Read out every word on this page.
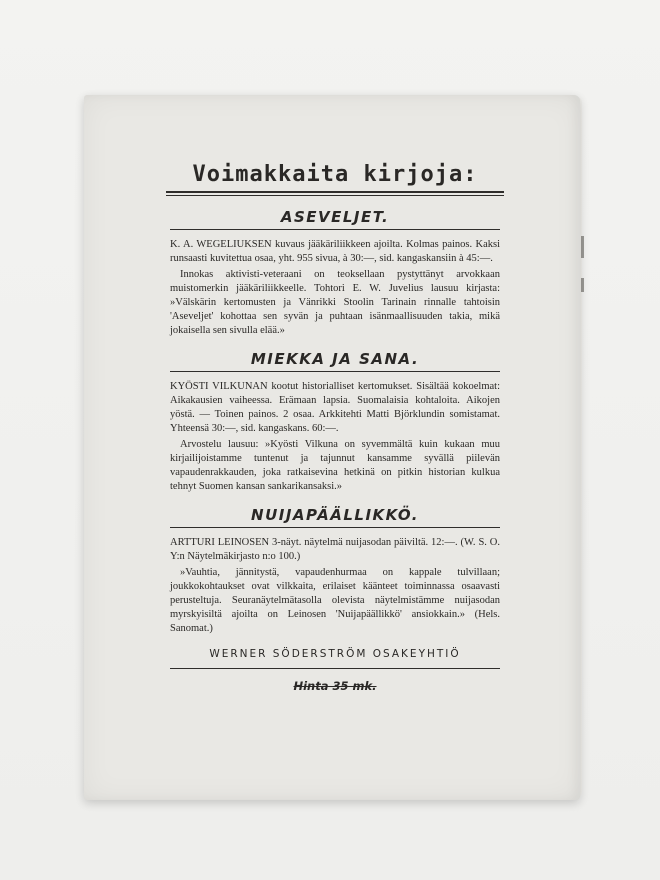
Voimakkaita kirjoja:
ASEVELJET.

K. A. WEGELIUKSEN kuvaus jääkäriliikkeen ajoilta. Kolmas painos. Kaksi runsaasti kuvitettua osaa, yht. 955 sivua, à 30:—, sid. kangaskansiin à 45:—.

Innokas aktivisti-veteraani on teoksellaan pystyttänyt arvokkaan muistomerkin jääkäriliikkeelle. Tohtori E. W. Juvelius lausuu kirjasta: »Välskärin kertomusten ja Vänrikki Stoolin Tarinain rinnalle tahtoisin 'Aseveljet' kohottaa sen syvän ja puhtaan isänmaallisuuden takia, mikä jokaisella sen sivulla elää.»

MIEKKA JA SANA.

KYÖSTI VILKUNAN kootut historialliset kertomukset. Sisältää kokoelmat: Aikakausien vaiheessa. Erämaan lapsia. Suomalaisia kohtaloita. Aikojen yöstä. — Toinen painos. 2 osaa. Arkkitehti Matti Björklundin somistamat. Yhteensä 30:—, sid. kangaskans. 60:—.

Arvostelu lausuu: »Kyösti Vilkuna on syvemmältä kuin kukaan muu kirjailijoistamme tuntenut ja tajunnut kansamme syvällä piilevän vapaudenrakkauden, joka ratkaisevina hetkinä on pitkin historian kulkua tehnyt Suomen kansan sankarikansaksi.»

NUIJAPÄÄLLIKKÖ.

ARTTURI LEINOSEN 3-näyt. näytelmä nuijasodan päiviltä. 12:—. (W. S. O. Y:n Näytelmäkirjasto n:o 100.)

»Vauhtia, jännitystä, vapaudenhurmaa on kappale tulvillaan; joukkokohtaukset ovat vilkkaita, erilaiset käänteet toiminnassa osaavasti perusteltuja. Seuranäytelmätasolla olevista näytelmistämme nuijasodan myrskyisiltä ajoilta on Leinosen 'Nuijapäällikkö' ansiokkain.» (Hels. Sanomat.)

WERNER SÖDERSTRÖM OSAKEYHTIÖ

Hinta 35 mk.
